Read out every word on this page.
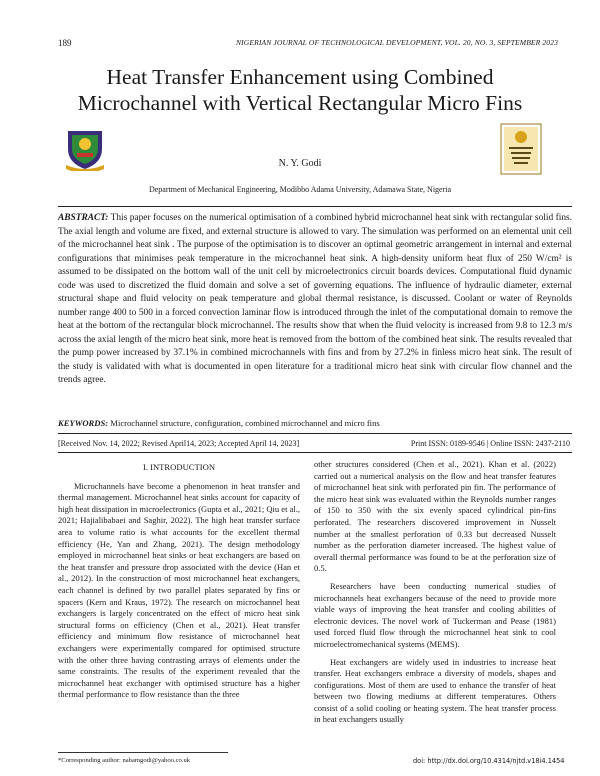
189	NIGERIAN JOURNAL OF TECHNOLOGICAL DEVELOPMENT, VOL. 20, NO. 3, SEPTEMBER 2023
Heat Transfer Enhancement using Combined Microchannel with Vertical Rectangular Micro Fins
N. Y. Godi
Department of Mechanical Engineering, Modibbo Adama University, Adamawa State, Nigeria
ABSTRACT: This paper focuses on the numerical optimisation of a combined hybrid microchannel heat sink with rectangular solid fins. The axial length and volume are fixed, and external structure is allowed to vary. The simulation was performed on an elemental unit cell of the microchannel heat sink . The purpose of the optimisation is to discover an optimal geometric arrangement in internal and external configurations that minimises peak temperature in the microchannel heat sink. A high-density uniform heat flux of 250 W/cm² is assumed to be dissipated on the bottom wall of the unit cell by microelectronics circuit boards devices. Computational fluid dynamic code was used to discretized the fluid domain and solve a set of governing equations. The influence of hydraulic diameter, external structural shape and fluid velocity on peak temperature and global thermal resistance, is discussed. Coolant or water of Reynolds number range 400 to 500 in a forced convection laminar flow is introduced through the inlet of the computational domain to remove the heat at the bottom of the rectangular block microchannel. The results show that when the fluid velocity is increased from 9.8 to 12.3 m/s across the axial length of the micro heat sink, more heat is removed from the bottom of the combined heat sink. The results revealed that the pump power increased by 37.1% in combined microchannels with fins and from by 27.2% in finless micro heat sink. The result of the study is validated with what is documented in open literature for a traditional micro heat sink with circular flow channel and the trends agree.
KEYWORDS: Microchannel structure, configuration, combined microchannel and micro fins
[Received Nov. 14, 2022; Revised April14, 2023; Accepted April 14, 2023]	Print ISSN: 0189-9546 | Online ISSN: 2437-2110

I. INTRODUCTION

Microchannels have become a phenomenon in heat transfer and thermal management. Microchannel heat sinks account for capacity of high heat dissipation in microelectronics (Gupta et al., 2021; Qiu et al., 2021; Hajialibabaei and Saghir, 2022). The high heat transfer surface area to volume ratio is what accounts for the excellent thermal efficiency (He, Yan and Zhang, 2021). The design methodology employed in microchannel heat sinks or heat exchangers are based on the heat transfer and pressure drop associated with the device (Han et al., 2012). In the construction of most microchannel heat exchangers, each channel is defined by two parallel plates separated by fins or spacers (Kern and Kraus, 1972). The research on microchannel heat exchangers is largely concentrated on the effect of micro heat sink structural forms on efficiency (Chen et al., 2021). Heat transfer efficiency and minimum flow resistance of microchannel heat exchangers were experimentally compared for optimised structure with the other three having contrasting arrays of elements under the same constraints. The results of the experiment revealed that the microchannel heat exchanger with optimised structure has a higher thermal performance to flow resistance than the three

other structures considered (Chen et al., 2021). Khan et al. (2022) carried out a numerical analysis on the flow and heat transfer features of microchannel heat sink with perforated pin fin. The performance of the micro heat sink was evaluated within the Reynolds number ranges of 150 to 350 with the six evenly spaced cylindrical pin-fins perforated. The researchers discovered improvement in Nusselt number at the smallest perforation of 0.33 but decreased Nusselt number as the perforation diameter increased. The highest value of overall thermal performance was found to be at the perforation size of 0.5.

Researchers have been conducting numerical studies of microchannels heat exchangers because of the need to provide more viable ways of improving the heat transfer and cooling abilities of electronic devices. The novel work of Tuckerman and Pease (1981) used forced fluid flow through the microchannel heat sink to cool microelectromechanical systems (MEMS).

Heat exchangers are widely used in industries to increase heat transfer. Heat exchangers embrace a diversity of models, shapes and configurations. Most of them are used to enhance the transfer of heat between two flowing mediums at different temperatures. Others consist of a solid cooling or heating system. The heat transfer process in heat exchangers usually

*Corresponding author: nabamgodi@yahoo.co.uk	doi: http://dx.doi.org/10.4314/njtd.v18i4.1454
